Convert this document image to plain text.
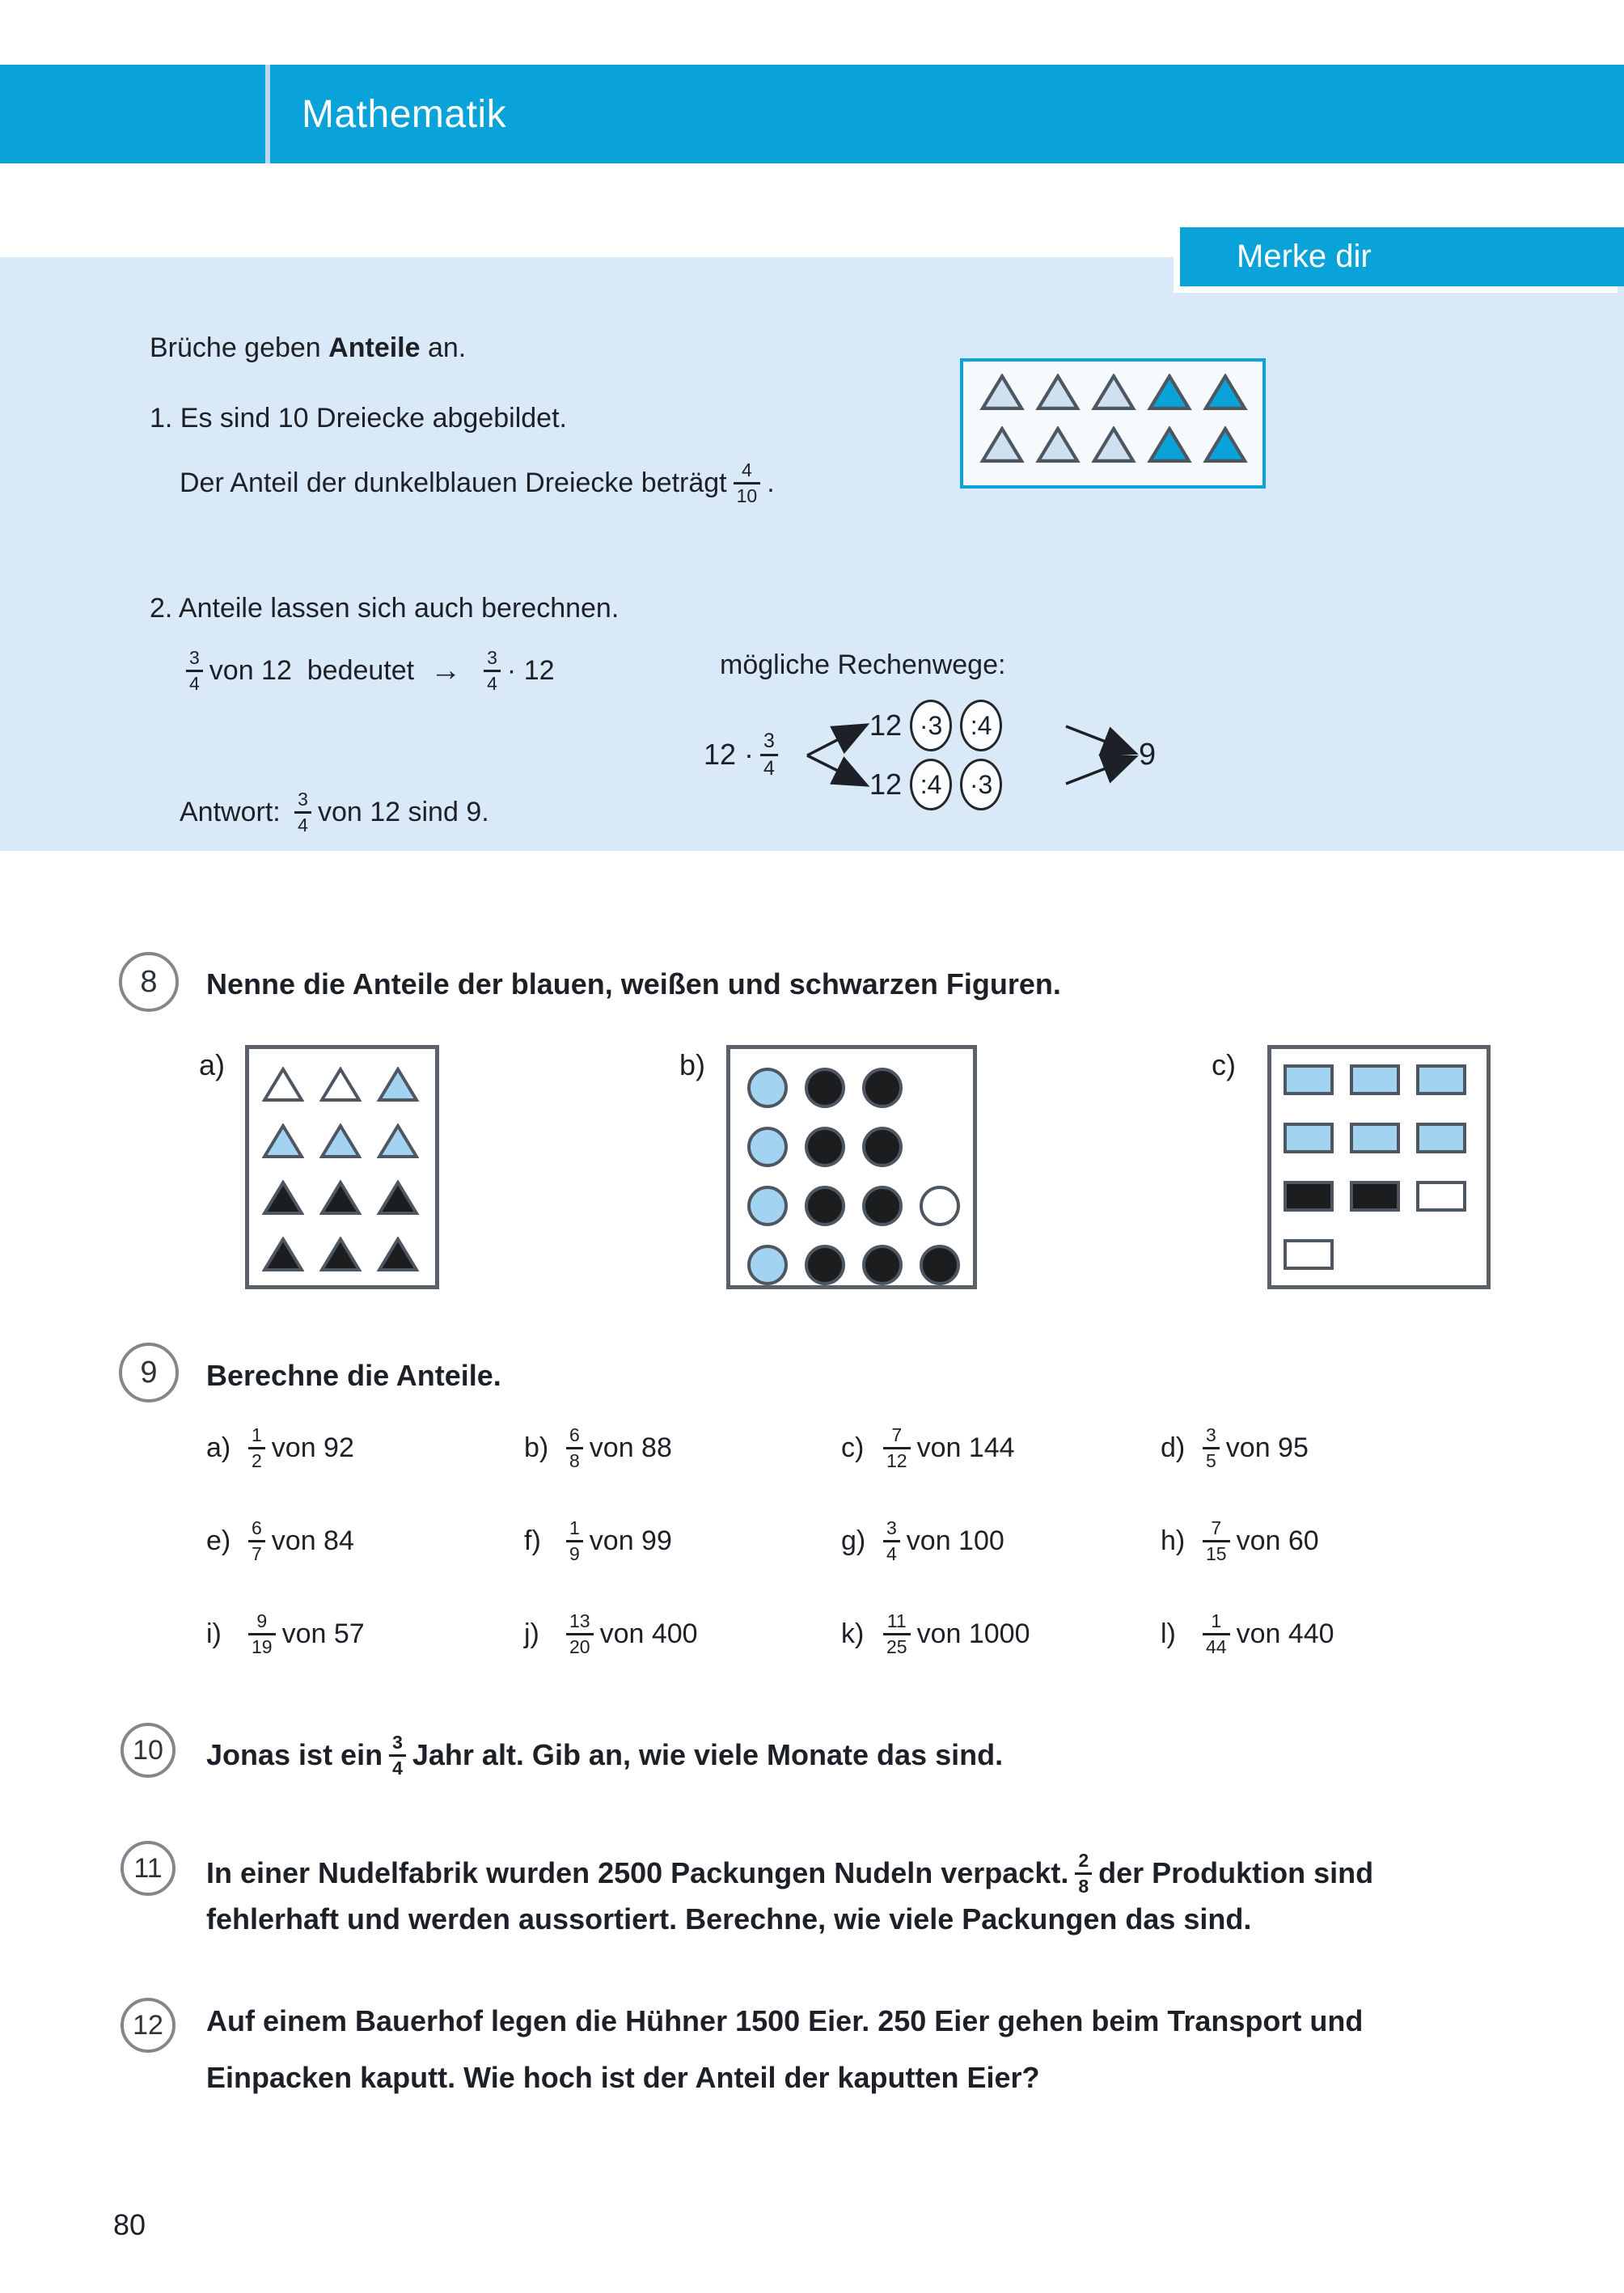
Mathematik
Merke dir
Brüche geben Anteile an.
1. Es sind 10 Dreiecke abgebildet.
Der Anteil der dunkelblauen Dreiecke beträgt $\frac{4}{10}$ .
2. Anteile lassen sich auch berechnen.
$\frac{3}{4}$ von 12  bedeutet → $\frac{3}{4} \cdot 12$	mögliche Rechenwege:
$12 \cdot \frac{3}{4}$
12 ·3	:4
12 :4	·3
9
Antwort: $\frac{3}{4}$ von 12 sind 9.
8	Nenne die Anteile der blauen, weißen und schwarzen Figuren.
a)	b)	c)
9	Berechne die Anteile.
$a) \frac{1}{2}$ von 92	$b) \frac{6}{8}$ von 88	c)	$\frac{7}{12}$ von 144	$d) \frac{3}{5}$ von 95
$e) \frac{6}{7}$ von 84	f)	$\frac{1}{9}$ von 99	$g) \frac{3}{4}$ von 100	$h) \frac{7}{15}$ von 60
i)	$\frac{9}{19}$ von 57	j)	$\frac{13}{20}$ von 400	k)	$\frac{11}{25}$ von 1000	l)	$\frac{1}{44}$ von 440
10	Jonas ist ein $\frac{3}{4}$ Jahr alt. Gib an, wie viele Monate das sind.
11	In einer Nudelfabrik wurden 2500 Packungen Nudeln verpackt. $\frac{2}{8}$ der Produktion sind
fehlerhaft und werden aussortiert. Berechne, wie viele Packungen das sind.
12	Auf einem Bauerhof legen die Hühner 1500 Eier. 250 Eier gehen beim Transport und
Einpacken kaputt. Wie hoch ist der Anteil der kaputten Eier?
80
